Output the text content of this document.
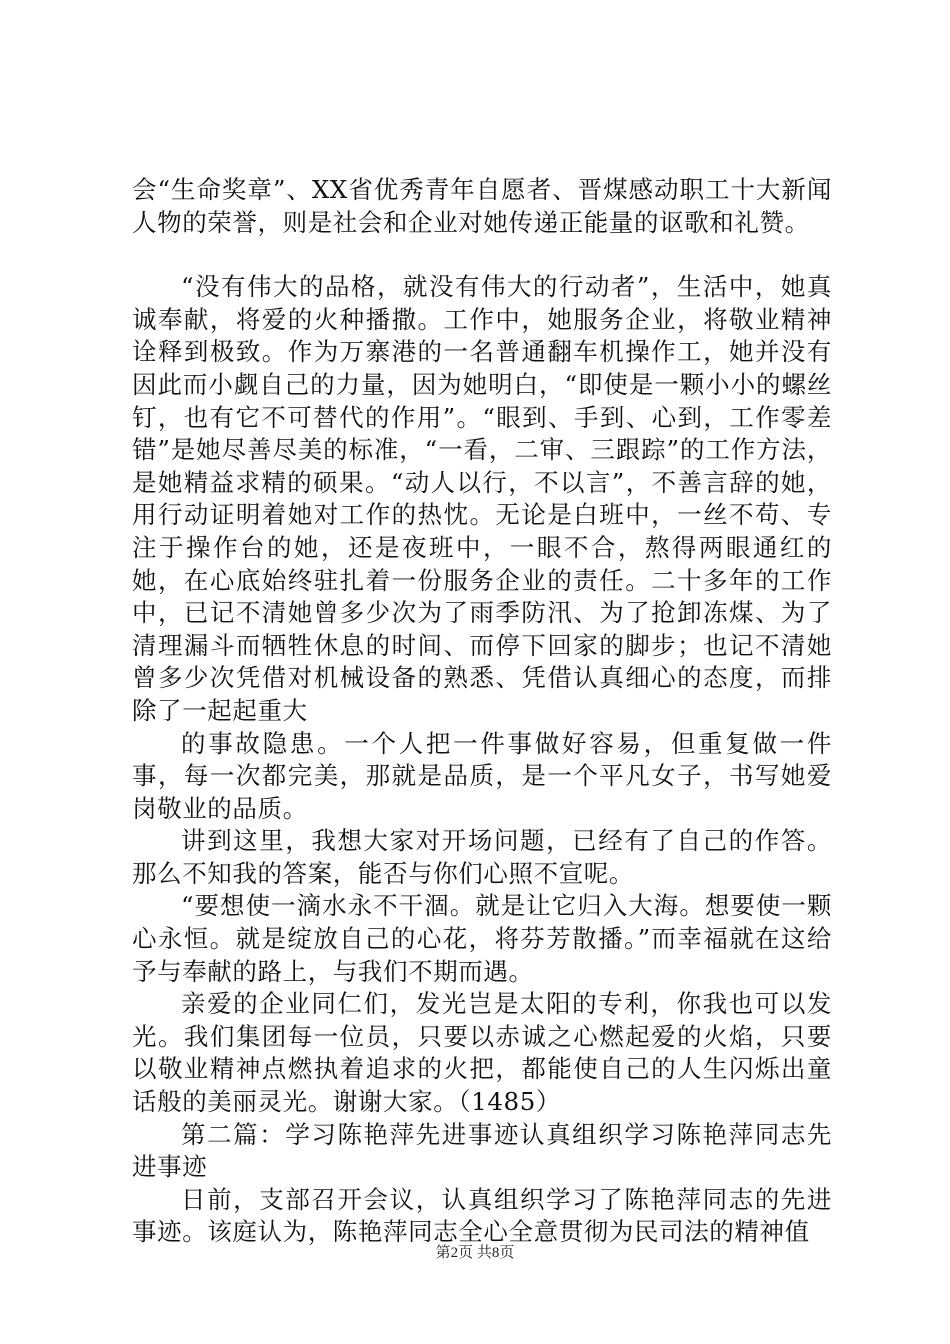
会“生命奖章”、XX省优秀青年自愿者、晋煤感动职工十大新闻人物的荣誉，则是社会和企业对她传递正能量的讴歌和礼赞。

“没有伟大的品格，就没有伟大的行动者”，生活中，她真诚奉献，将爱的火种播撒。工作中，她服务企业，将敬业精神诠释到极致。作为万寨港的一名普通翻车机操作工，她并没有因此而小觑自己的力量，因为她明白，“即使是一颗小小的螺丝钉，也有它不可替代的作用”。“眼到、手到、心到，工作零差错”是她尽善尽美的标准，“一看，二审、三跟踪”的工作方法，是她精益求精的硕果。“动人以行，不以言”，不善言辞的她，用行动证明着她对工作的热忱。无论是白班中，一丝不苟、专注于操作台的她，还是夜班中，一眼不合，熬得两眼通红的她，在心底始终驻扎着一份服务企业的责任。二十多年的工作中，已记不清她曾多少次为了雨季防汛、为了抢卸冻煤、为了清理漏斗而牺牲休息的时间、而停下回家的脚步；也记不清她曾多少次凭借对机械设备的熟悉、凭借认真细心的态度，而排除了一起起重大

的事故隐患。一个人把一件事做好容易，但重复做一件事，每一次都完美，那就是品质，是一个平凡女子，书写她爱岗敬业的品质。

讲到这里，我想大家对开场问题，已经有了自己的作答。那么不知我的答案，能否与你们心照不宣呢。

“要想使一滴水永不干涸。就是让它归入大海。想要使一颗心永恒。就是绽放自己的心花，将芬芳散播。”而幸福就在这给予与奉献的路上，与我们不期而遇。

亲爱的企业同仁们，发光岂是太阳的专利，你我也可以发光。我们集团每一位员，只要以赤诚之心燃起爱的火焰，只要以敬业精神点燃执着追求的火把，都能使自己的人生闪烁出童话般的美丽灵光。谢谢大家。（1485）

第二篇：学习陈艳萍先进事迹认真组织学习陈艳萍同志先进事迹

日前，支部召开会议，认真组织学习了陈艳萍同志的先进事迹。该庭认为，陈艳萍同志全心全意贯彻为民司法的精神值

第2页 共8页
